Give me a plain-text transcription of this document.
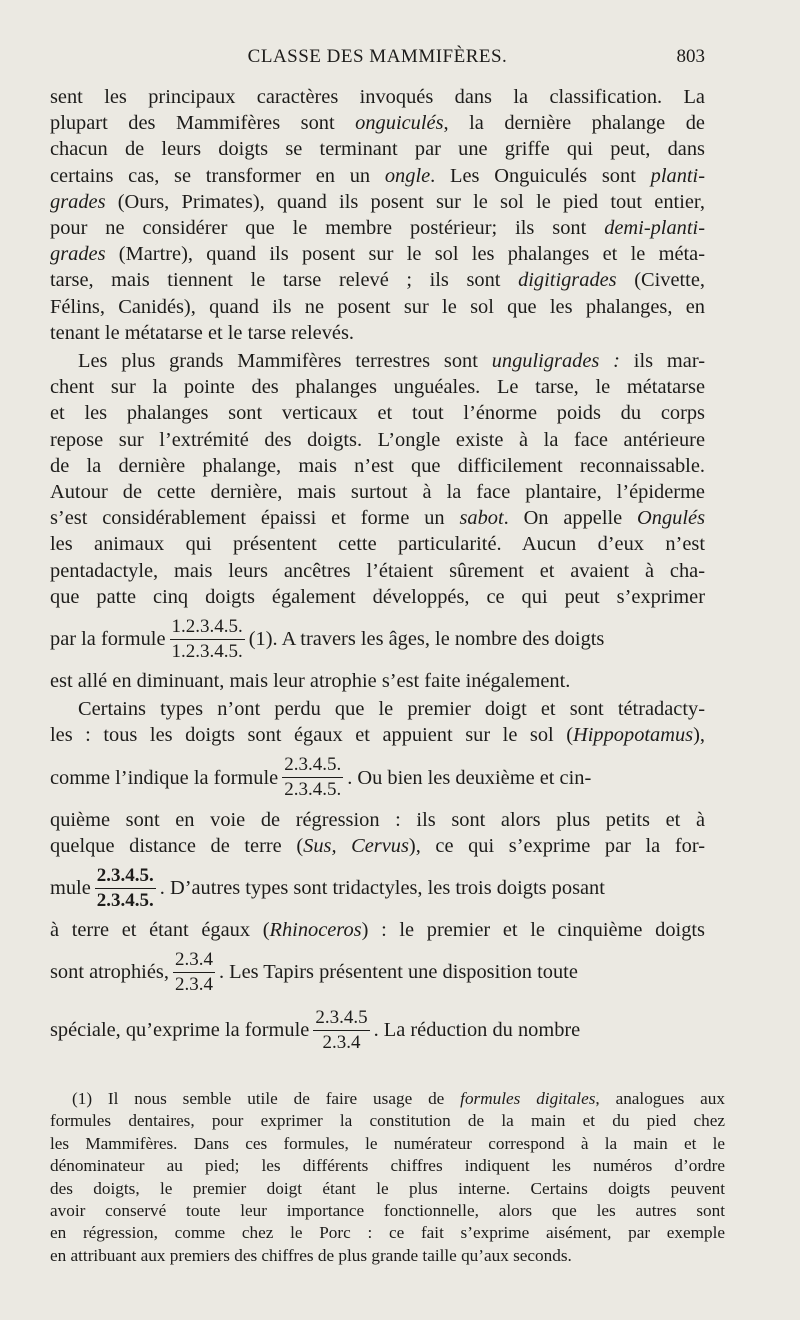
CLASSE DES MAMMIFÈRES.	803
sent les principaux caractères invoqués dans la classification. La
plupart des Mammifères sont onguiculés, la dernière phalange de
chacun de leurs doigts se terminant par une griffe qui peut, dans
certains cas, se transformer en un ongle. Les Onguiculés sont planti-
grades (Ours, Primates), quand ils posent sur le sol le pied tout entier,
pour ne considérer que le membre postérieur; ils sont demi-planti-
grades (Martre), quand ils posent sur le sol les phalanges et le méta-
tarse, mais tiennent le tarse relevé ; ils sont digitigrades (Civette,
Félins, Canidés), quand ils ne posent sur le sol que les phalanges, en
tenant le métatarse et le tarse relevés.
Les plus grands Mammifères terrestres sont unguligrades : ils mar-
chent sur la pointe des phalanges unguéales. Le tarse, le métatarse
et les phalanges sont verticaux et tout l’énorme poids du corps
repose sur l’extrémité des doigts. L’ongle existe à la face antérieure
de la dernière phalange, mais n’est que difficilement reconnaissable.
Autour de cette dernière, mais surtout à la face plantaire, l’épiderme
s’est considérablement épaissi et forme un sabot. On appelle Ongulés
les animaux qui présentent cette particularité. Aucun d’eux n’est
pentadactyle, mais leurs ancêtres l’étaient sûrement et avaient à cha-
que patte cinq doigts également développés, ce qui peut s’exprimer
par la formule $\frac{1.2.3.4.5.}{1.2.3.4.5.} (1)$. A travers les âges, le nombre des doigts
est allé en diminuant, mais leur atrophie s’est faite inégalement.
Certains types n’ont perdu que le premier doigt et sont tétradacty-
les : tous les doigts sont égaux et appuient sur le sol (Hippopotamus),
comme l’indique la formule $\frac{2.3.4.5.}{2.3.4.5.}$ . Ou bien les deuxième et cin-
quième sont en voie de régression : ils sont alors plus petits et à
quelque distance de terre (Sus, Cervus), ce qui s’exprime par la for-
mule $\frac{2.3.4.5.}{2.3.4.5.}$ . D’autres types sont tridactyles, les trois doigts posant
à terre et étant égaux (Rhinoceros) : le premier et le cinquième doigts
sont atrophiés, $\frac{2.3.4}{2.3.4}$ . Les Tapirs présentent une disposition toute
spéciale, qu’exprime la formule $\frac{2.3.4.5}{2.3.4}$ . La réduction du nombre
(1) Il nous semble utile de faire usage de formules digitales, analogues aux
formules dentaires, pour exprimer la constitution de la main et du pied chez
les Mammifères. Dans ces formules, le numérateur correspond à la main et le
dénominateur au pied; les différents chiffres indiquent les numéros d’ordre
des doigts, le premier doigt étant le plus interne. Certains doigts peuvent
avoir conservé toute leur importance fonctionnelle, alors que les autres sont
en régression, comme chez le Porc : ce fait s’exprime aisément, par exemple
en attribuant aux premiers des chiffres de plus grande taille qu’aux seconds.
